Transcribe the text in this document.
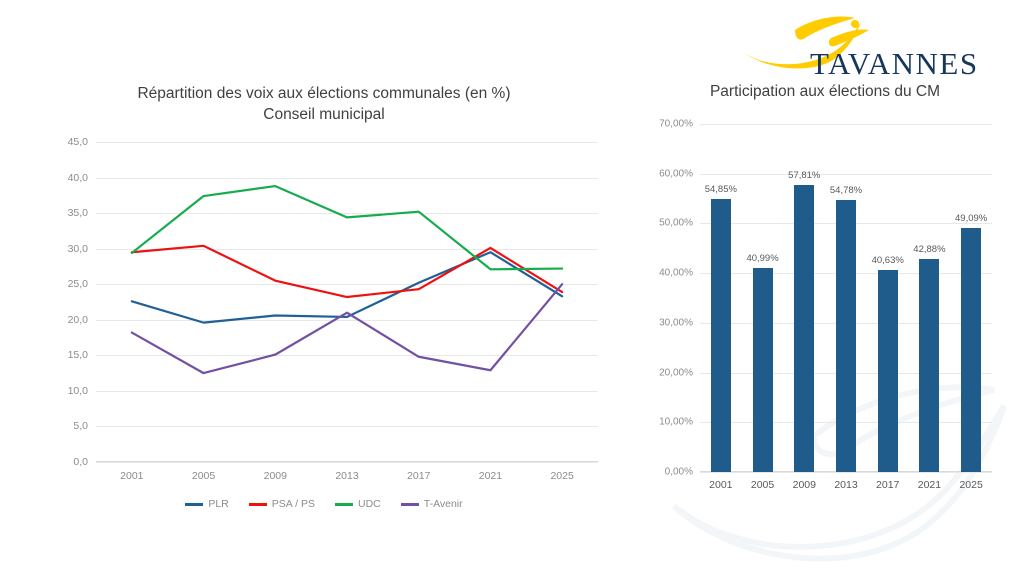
TAVANNES
Répartition des voix aux élections communales (en %)
Conseil municipal
0,0
5,0
10,0
15,0
20,0
25,0
30,0
35,0
40,0
45,0
2001	2005	2009	2013	2017	2021	2025
PLR	PSA / PS	UDC	T-Avenir
Participation aux élections du CM
0,00%
10,00%
20,00%
30,00%
40,00%
50,00%
60,00%
70,00%
54,85%
2001
40,99%
2005
57,81%
2009
54,78%
2013
40,63%
2017
42,88%
2021
49,09%
2025
